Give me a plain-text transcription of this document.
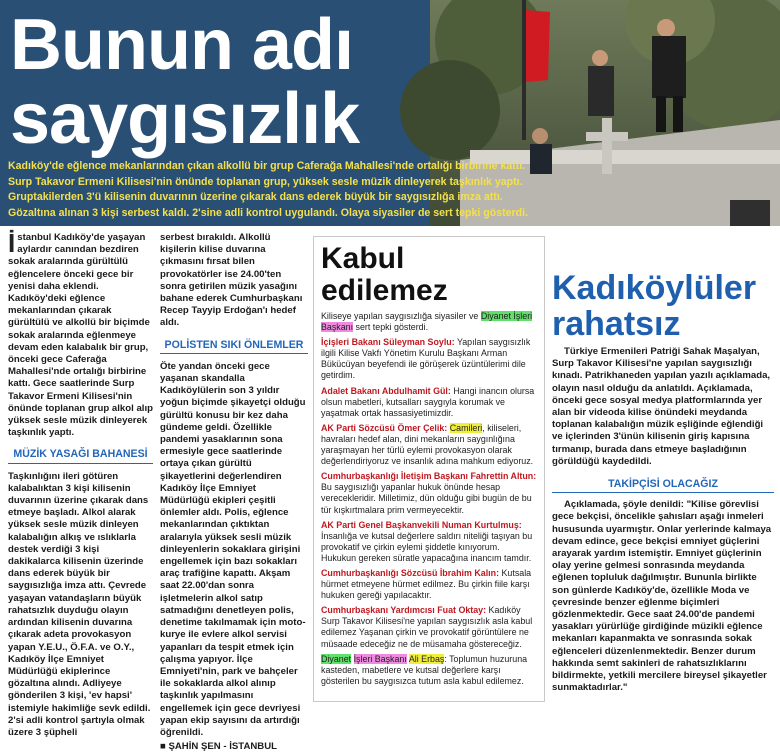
Bunun adı
saygısızlık
Kadıköy'de eğlence mekanlarından çıkan alkollü bir grup Caferağa Mahallesi'nde ortalığı birbirine kattı.
Surp Takavor Ermeni Kilisesi'nin önünde toplanan grup, yüksek sesle müzik dinleyerek taşkınlık yaptı.
Gruptakilerden 3'ü kilisenin duvarının üzerine çıkarak dans ederek büyük bir saygısızlığa imza attı.
Gözaltına alınan 3 kişi serbest kaldı. 2'sine adli kontrol uygulandı. Olaya siyasiler de sert tepki gösterdi.

İstanbul Kadıköy'de yaşayan aylardır canından bezdiren sokak aralarında gürültülü eğlencelere önceki gece bir yenisi daha eklendi. Kadıköy'deki eğlence mekanlarından çıkarak gürültülü ve alkollü bir biçimde sokak aralarında eğlenmeye devam eden kalabalık bir grup, önceki gece Caferağa Mahallesi'nde ortalığı birbirine kattı. Gece saatlerinde Surp Takavor Ermeni Kilisesi'nin önünde toplanan grup alkol alıp yüksek sesle müzik dinleyerek taşkınlık yaptı.

MÜZİK YASAĞI BAHANESİ

Taşkınlığını ileri götüren kalabalıktan 3 kişi kilisenin duvarının üzerine çıkarak dans etmeye başladı. Alkol alarak yüksek sesle müzik dinleyen kalabalığın alkış ve ıslıklarla destek verdiği 3 kişi dakikalarca kilisenin üzerinde dans ederek büyük bir saygısızlığa imza attı. Çevrede yaşayan vatandaşların büyük rahatsızlık duyduğu olayın ardından kilisenin duvarına çıkarak adeta provokasyon yapan Y.E.U., Ö.F.A. ve O.Y., Kadıköy İlçe Emniyet Müdürlüğü ekiplerince gözaltına alındı. Adliyeye gönderilen 3 kişi, 'ev hapsi' istemiyle hakimliğe sevk edildi. 2'si adli kontrol şartıyla olmak üzere 3 şüpheli

serbest bırakıldı. Alkollü kişilerin kilise duvarına çıkmasını fırsat bilen provokatörler ise 24.00'ten sonra getirilen müzik yasağını bahane ederek Cumhurbaşkanı Recep Tayyip Erdoğan'ı hedef aldı.

POLİSTEN SIKI ÖNLEMLER

Öte yandan önceki gece yaşanan skandalla Kadıköylülerin son 3 yıldır yoğun biçimde şikayetçi olduğu gürültü konusu bir kez daha gündeme geldi. Özellikle pandemi yasaklarının sona ermesiyle gece saatlerinde ortaya çıkan gürültü şikayetlerini değerlendiren Kadıköy İlçe Emniyet Müdürlüğü ekipleri çeşitli önlemler aldı. Polis, eğlence mekanlarından çıktıktan aralarıyla yüksek sesli müzik dinleyenlerin sokaklara girişini engellemek için bazı sokakları araç trafiğine kapattı. Akşam saat 22.00'dan sonra işletmelerin alkol satıp satmadığını denetleyen polis, denetime takılmamak için moto-kurye ile evlere alkol servisi yapanları da tespit etmek için çalışma yapıyor. İlçe Emniyeti'nin, park ve bahçeler ile sokaklarda alkol alınıp taşkınlık yapılmasını engellemek için gece devriyesi yapan ekip sayısını da artırdığı öğrenildi.

■ ŞAHİN ŞEN - İSTANBUL

Kabul edilemez

Kiliseye yapılan saygısızlığa siyasiler ve Diyanet İşleri Başkanı sert tepki gösterdi.

İçişleri Bakanı Süleyman Soylu: Yapılan saygısızlık ilgili Kilise Vakfı Yönetim Kurulu Başkanı Arman Bükücüyan beyefendi ile görüşerek üzüntülerimi dile getirdim.

Adalet Bakanı Abdulhamit Gül: Hangi inancın olursa olsun mabetleri, kutsalları saygıyla korumak ve yaşatmak ortak hassasiyetimizdir.

AK Parti Sözcüsü Ömer Çelik: Camileri, kiliseleri, havraları hedef alan, dini mekanların saygınlığına yaraşmayan her türlü eylemi provokasyon olarak değerlendiriyoruz ve insanlık adına mahkum ediyoruz.

Cumhurbaşkanlığı İletişim Başkanı Fahrettin Altun: Bu saygısızlığı yapanlar hukuk önünde hesap verecekleridir. Milletimiz, dün olduğu gibi bugün de bu tür kışkırtmalara prim vermeyecektir.

AK Parti Genel Başkanvekili Numan Kurtulmuş: İnsanlığa ve kutsal değerlere saldırı niteliği taşıyan bu provokatif ve çirkin eylemi şiddetle kınıyorum. Hukukun gereken süratle yapacağına inancım tamdır.

Cumhurbaşkanlığı Sözcüsü İbrahim Kalın: Kutsala hürmet etmeyene hürmet edilmez. Bu çirkin fiile karşı hukuken gereği yapılacaktır.

Cumhurbaşkanı Yardımcısı Fuat Oktay: Kadıköy Surp Takavor Kilisesi'ne yapılan saygısızlık asla kabul edilemez Yaşanan çirkin ve provokatif görüntülere ne müsaade edeceğiz ne de müsamaha göstereceğiz.

Diyanet İşleri Başkanı Ali Erbaş: Toplumun huzuruna kasteden, mabetlere ve kutsal değerlere karşı gösterilen bu saygısızca tutum asla kabul edilemez.

Kadıköylüler
rahatsız

Türkiye Ermenileri Patriği Sahak Maşalyan, Surp Takavor Kilisesi'ne yapılan saygısızlığı kınadı. Patrikhaneden yapılan yazılı açıklamada, olayın nasıl olduğu da anlatıldı. Açıklamada, önceki gece sosyal medya platformlarında yer alan bir videoda kilise önündeki meydanda toplanan kalabalığın müzik eşliğinde eğlendiği ve içlerinden 3'ünün kilisenin giriş kapısına tırmanıp, burada dans etmeye başladığının görüldüğü kaydedildi.

TAKİPÇİSİ OLACAĞIZ

Açıklamada, şöyle denildi: "Kilise görevlisi gece bekçisi, öncelikle şahısları aşağı inmeleri hususunda uyarmıştır. Onlar yerlerinde kalmaya devam edince, gece bekçisi emniyet güçlerini arayarak yardım istemiştir. Emniyet güçlerinin olay yerine gelmesi sonrasında meydanda eğlenen topluluk dağılmıştır. Bununla birlikte son günlerde Kadıköy'de, özellikle Moda ve çevresinde benzer eğlenme biçimleri gözlenmektedir. Gece saat 24.00'de pandemi yasakları yürürlüğe girdiğinde müzikli eğlence mekanları kapanmakta ve sonrasında sokak eğlenceleri düzenlenmektedir. Benzer durum hakkında semt sakinleri de rahatsızlıklarını bildirmekte, yetkili mercilere bireysel şikayetler sunmaktadırlar."
